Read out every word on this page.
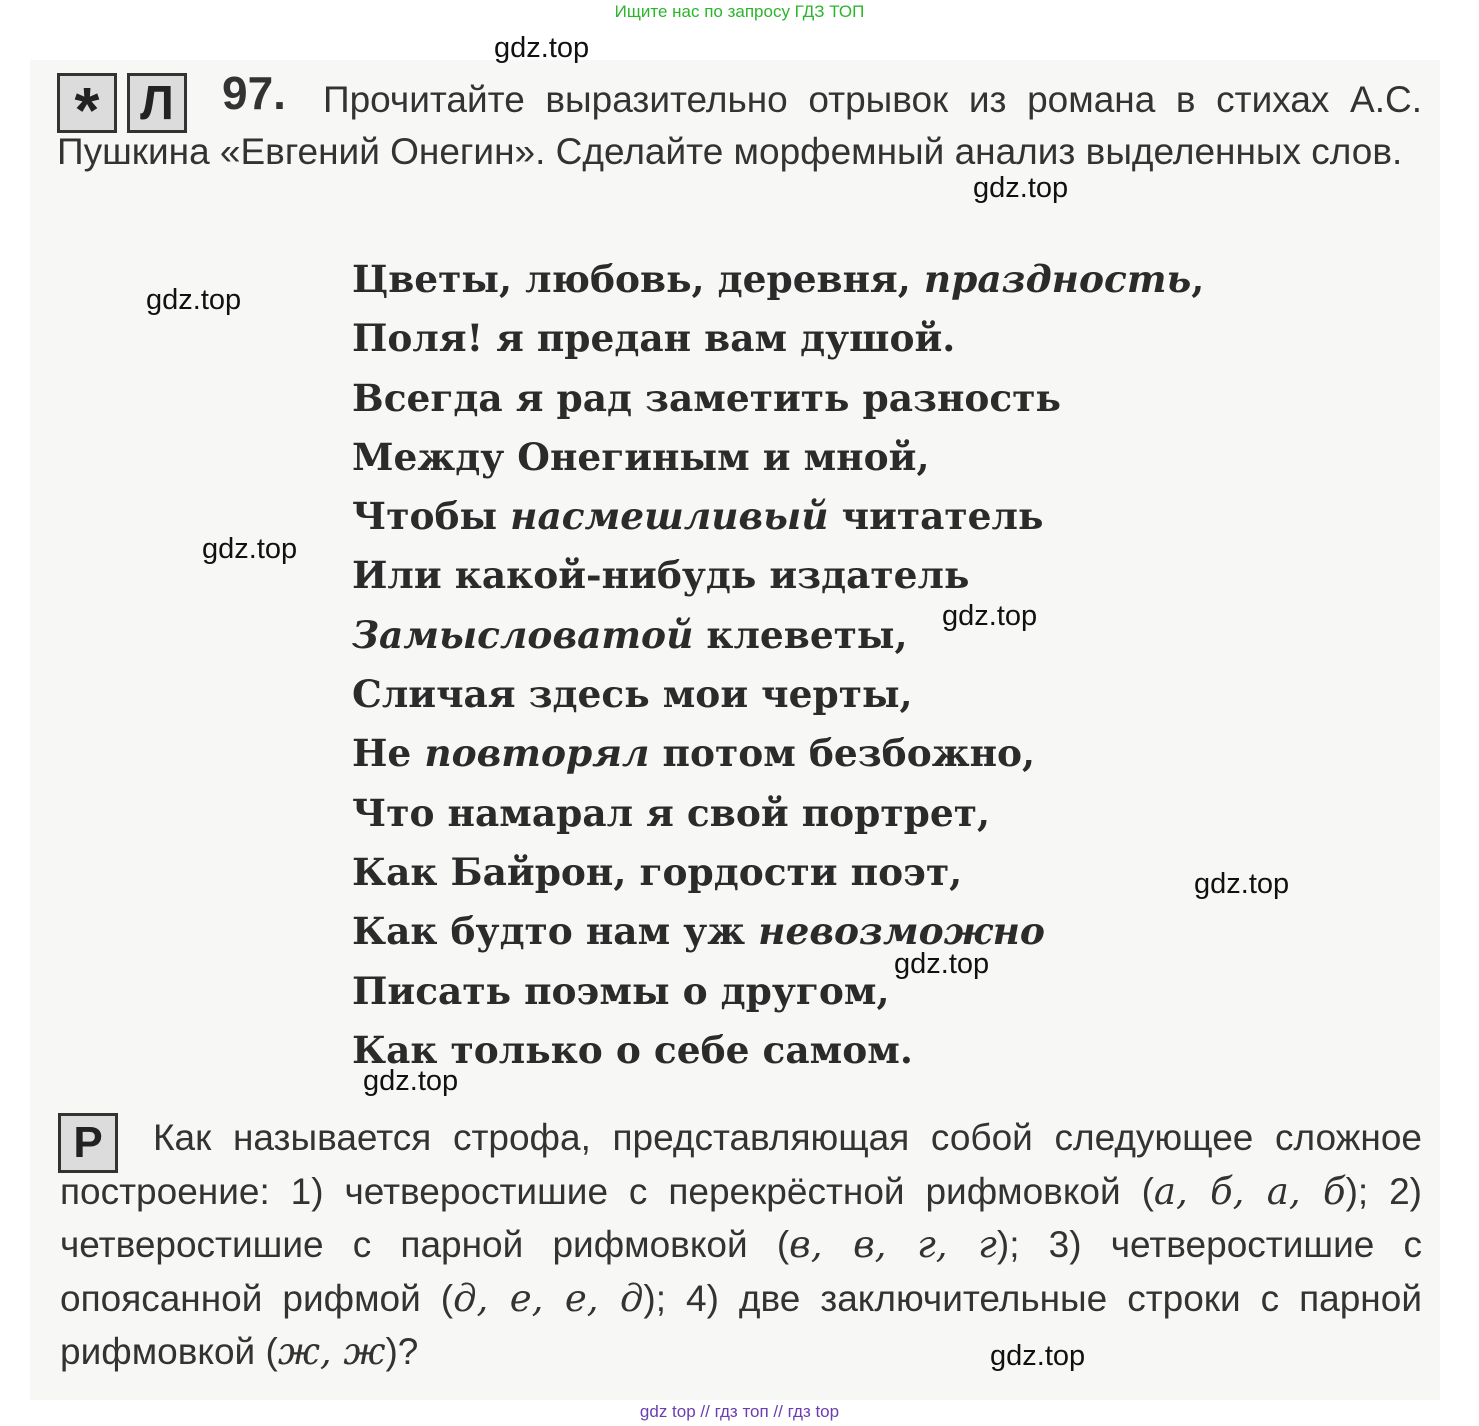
Ищите нас по запросу ГДЗ ТОП
* Л	Прочитайте выразительно отрывок из романа в стихах А.С. Пушкина «Евгений Онегин». Сделайте морфемный анализ выделенных слов.

97.
Цветы, любовь, деревня, праздность,
Поля! я предан вам душой.
Всегда я рад заметить разность
Между Онегиным и мной,
Чтобы насмешливый читатель
Или какой-нибудь издатель
Замысловатой клеветы,
Сличая здесь мои черты,
Не повторял потом безбожно,
Что намарал я свой портрет,
Как Байрон, гордости поэт,
Как будто нам уж невозможно
Писать поэмы о другом,
Как только о себе самом.
Р	Как называется строфа, представляющая собой следующее сложное построение: 1) четверостишие с перекрёстной рифмовкой (а, б, а, б); 2) четверостишие с парной рифмовкой (в, в, г, г); 3) четверостишие с опоясанной рифмой (д, е, е, д); 4) две заключительные строки с парной рифмовкой (ж, ж)?

gdz.top
gdz.top
gdz.top
gdz.top
gdz.top
gdz.top
gdz.top
gdz.top
gdz.top
gdz top // гдз топ // гдз top
